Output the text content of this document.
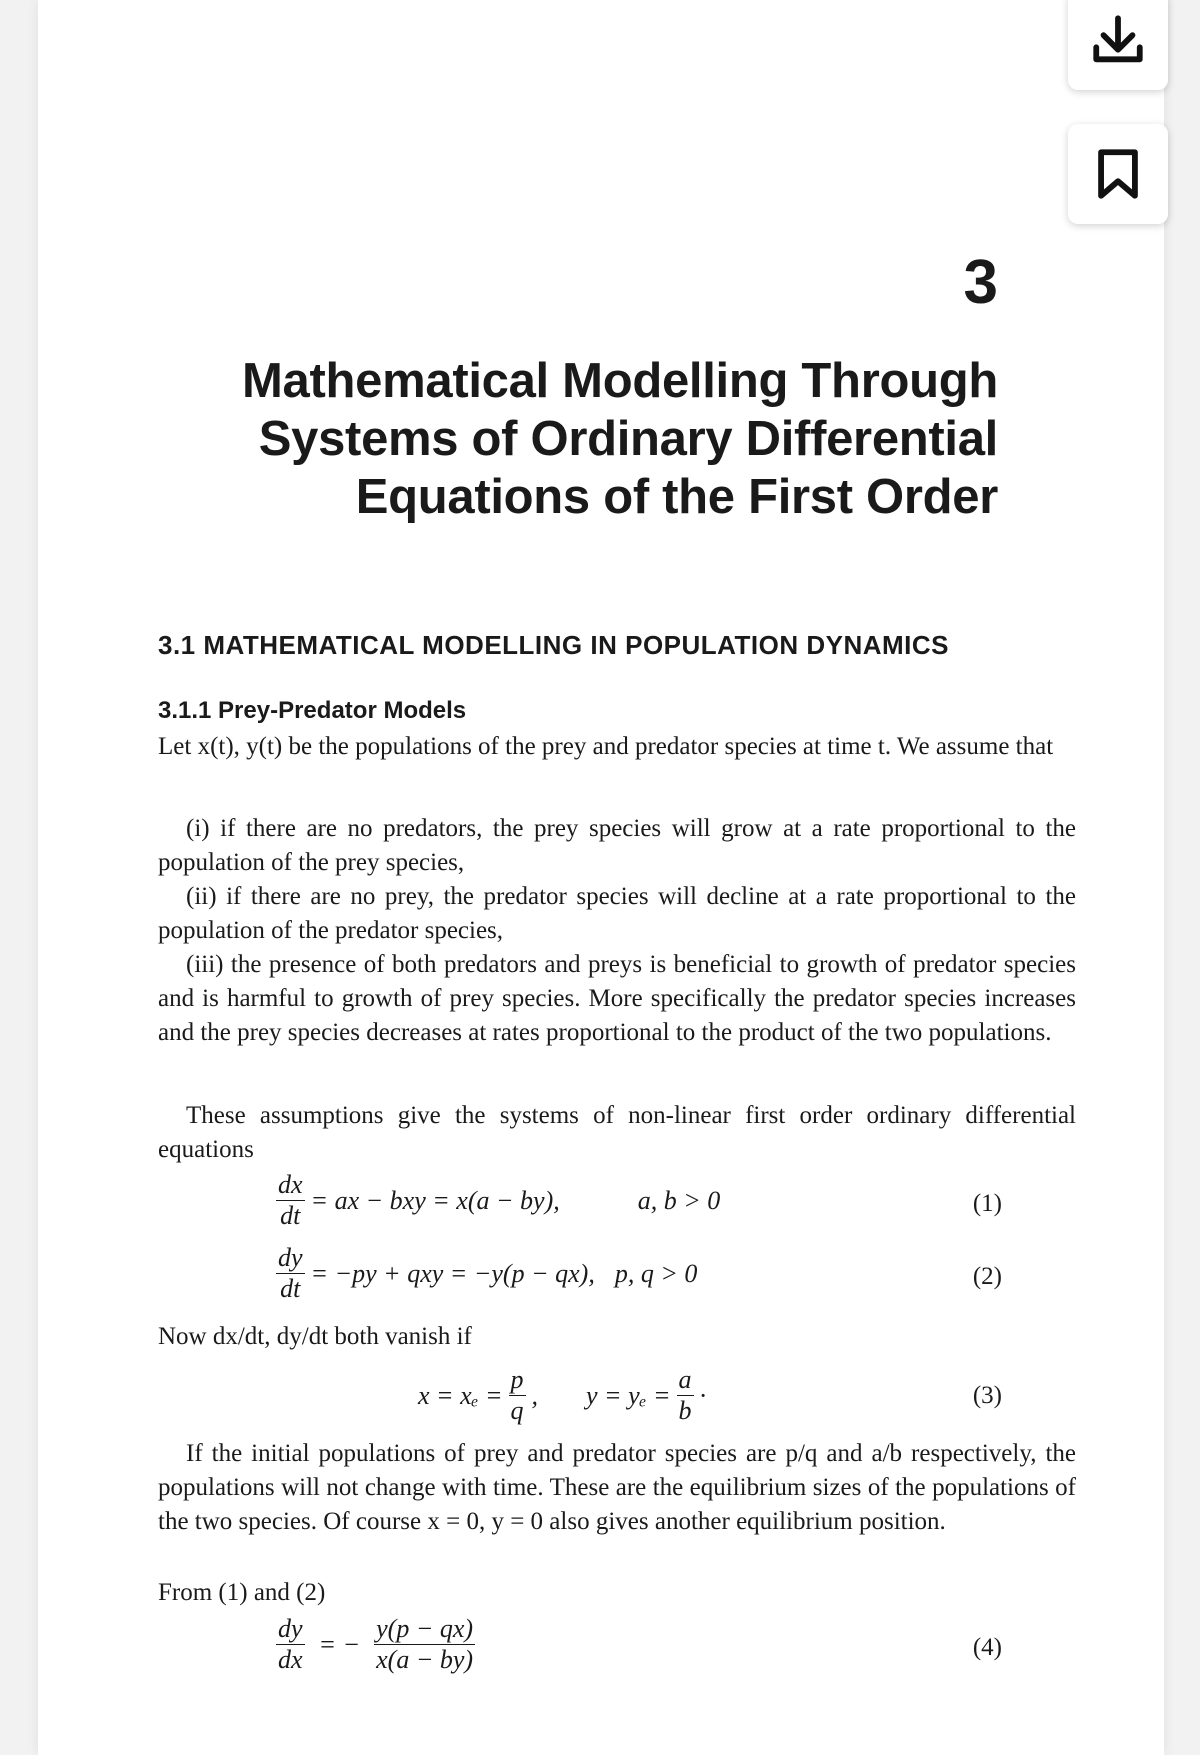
3
Mathematical Modelling Through
Systems of Ordinary Differential
Equations of the First Order
3.1 MATHEMATICAL MODELLING IN POPULATION DYNAMICS
3.1.1 Prey-Predator Models
Let x(t), y(t) be the populations of the prey and predator species at time t. We assume that

(i) if there are no predators, the prey species will grow at a rate proportional to the population of the prey species,

(ii) if there are no prey, the predator species will decline at a rate proportional to the population of the predator species,

(iii) the presence of both predators and preys is beneficial to growth of predator species and is harmful to growth of prey species. More specifically the predator species increases and the prey species decreases at rates proportional to the product of the two populations.

These assumptions give the systems of non-linear first order ordinary differential equations
$\frac{dx}{dt}$ = ax − bxy = x(a − by),	a, b > 0	(1)
$\frac{dy}{dt} = -py$ + qxy = −y(p − qx), p, q > 0	(2)
Now dx/dt, dy/dt both vanish if
$x = x_e = \frac{p}{q}$ , $y = y_e = \frac{a}{b}$ ·	(3)
If the initial populations of prey and predator species are p/q and a/b respectively, the populations will not change with time. These are the equilibrium sizes of the populations of the two species. Of course x = 0, y = 0 also gives another equilibrium position.
From (1) and (2)
$\frac{dy}{dx}$ = − $\frac{y(p - qx)}{x(a - by)}$	(4)
